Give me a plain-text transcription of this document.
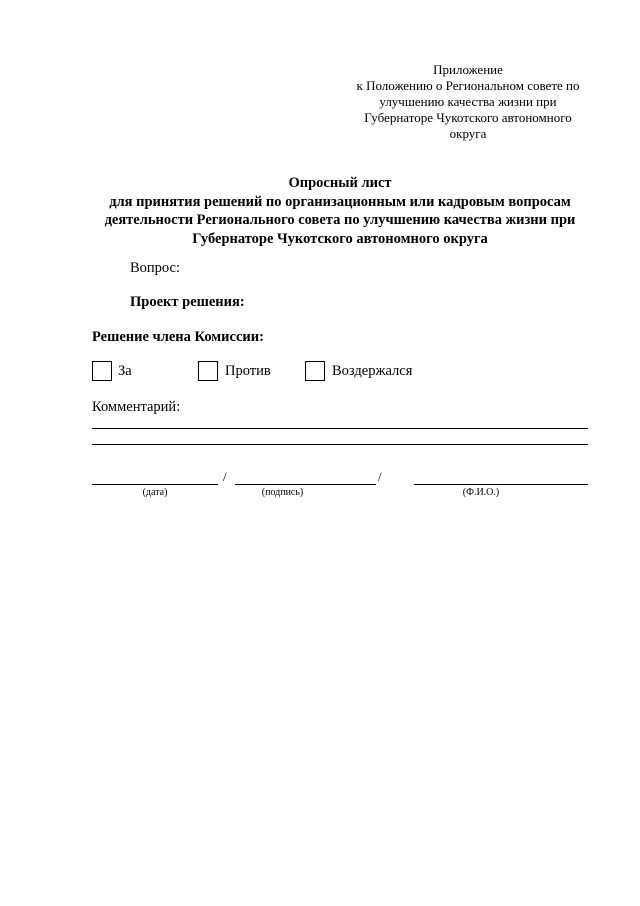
Приложение
к Положению о Региональном совете по
улучшению качества жизни при
Губернаторе Чукотского автономного
округа
Опросный лист
для принятия решений по организационным или кадровым вопросам
деятельности Регионального совета по улучшению качества жизни при
Губернаторе Чукотского автономного округа
Вопрос:
Проект решения:
Решение члена Комиссии:
За	Против	Воздержался
Комментарий:
/	/
(дата)	(подпись)	(Ф.И.О.)
